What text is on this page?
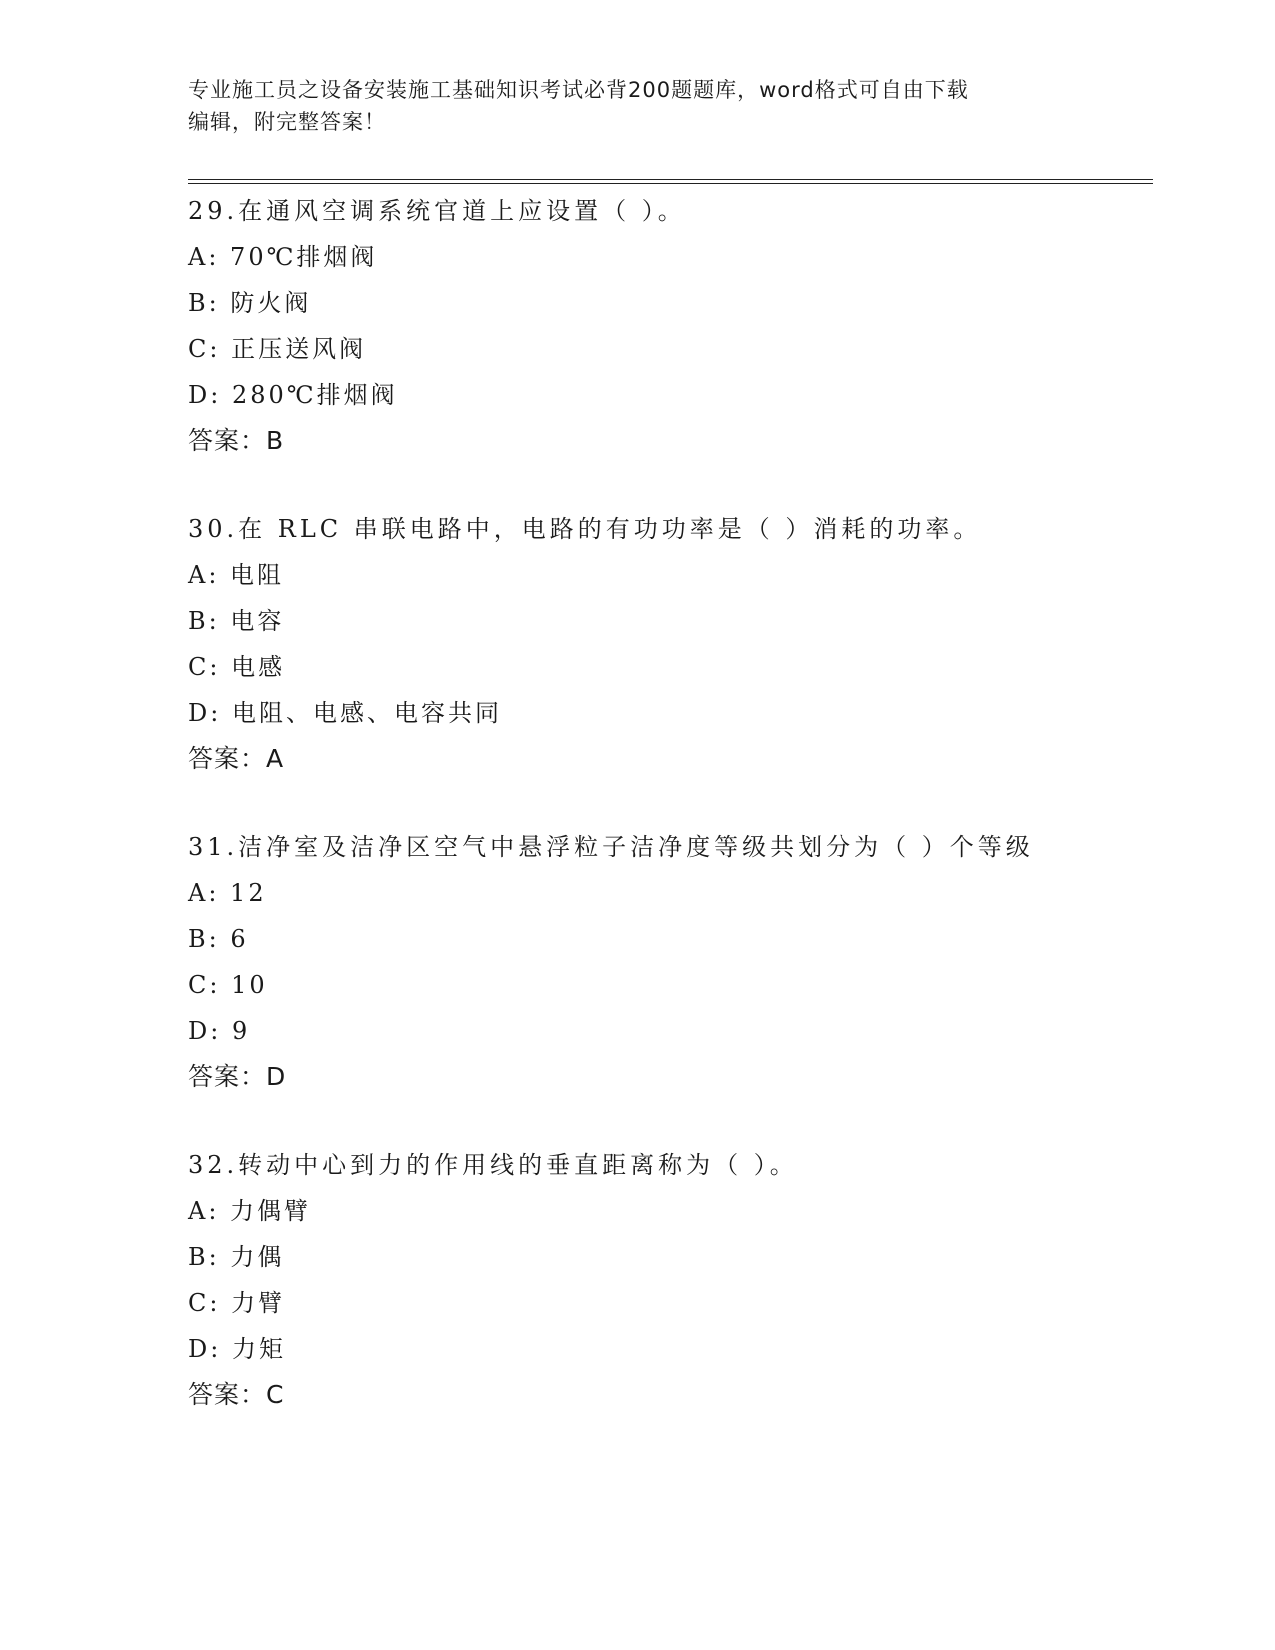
专业施工员之设备安装施工基础知识考试必背200题题库，word格式可自由下载
编辑，附完整答案！
29.在通风空调系统官道上应设置（ ）。
A: 70℃排烟阀
B: 防火阀
C: 正压送风阀
D: 280℃排烟阀
答案：B
30.在 RLC 串联电路中，电路的有功功率是（ ）消耗的功率。
A: 电阻
B: 电容
C: 电感
D: 电阻、电感、电容共同
答案：A
31.洁净室及洁净区空气中悬浮粒子洁净度等级共划分为（ ）个等级
A: 12
B: 6
C: 10
D: 9
答案：D
32.转动中心到力的作用线的垂直距离称为（ ）。
A: 力偶臂
B: 力偶
C: 力臂
D: 力矩
答案：C
